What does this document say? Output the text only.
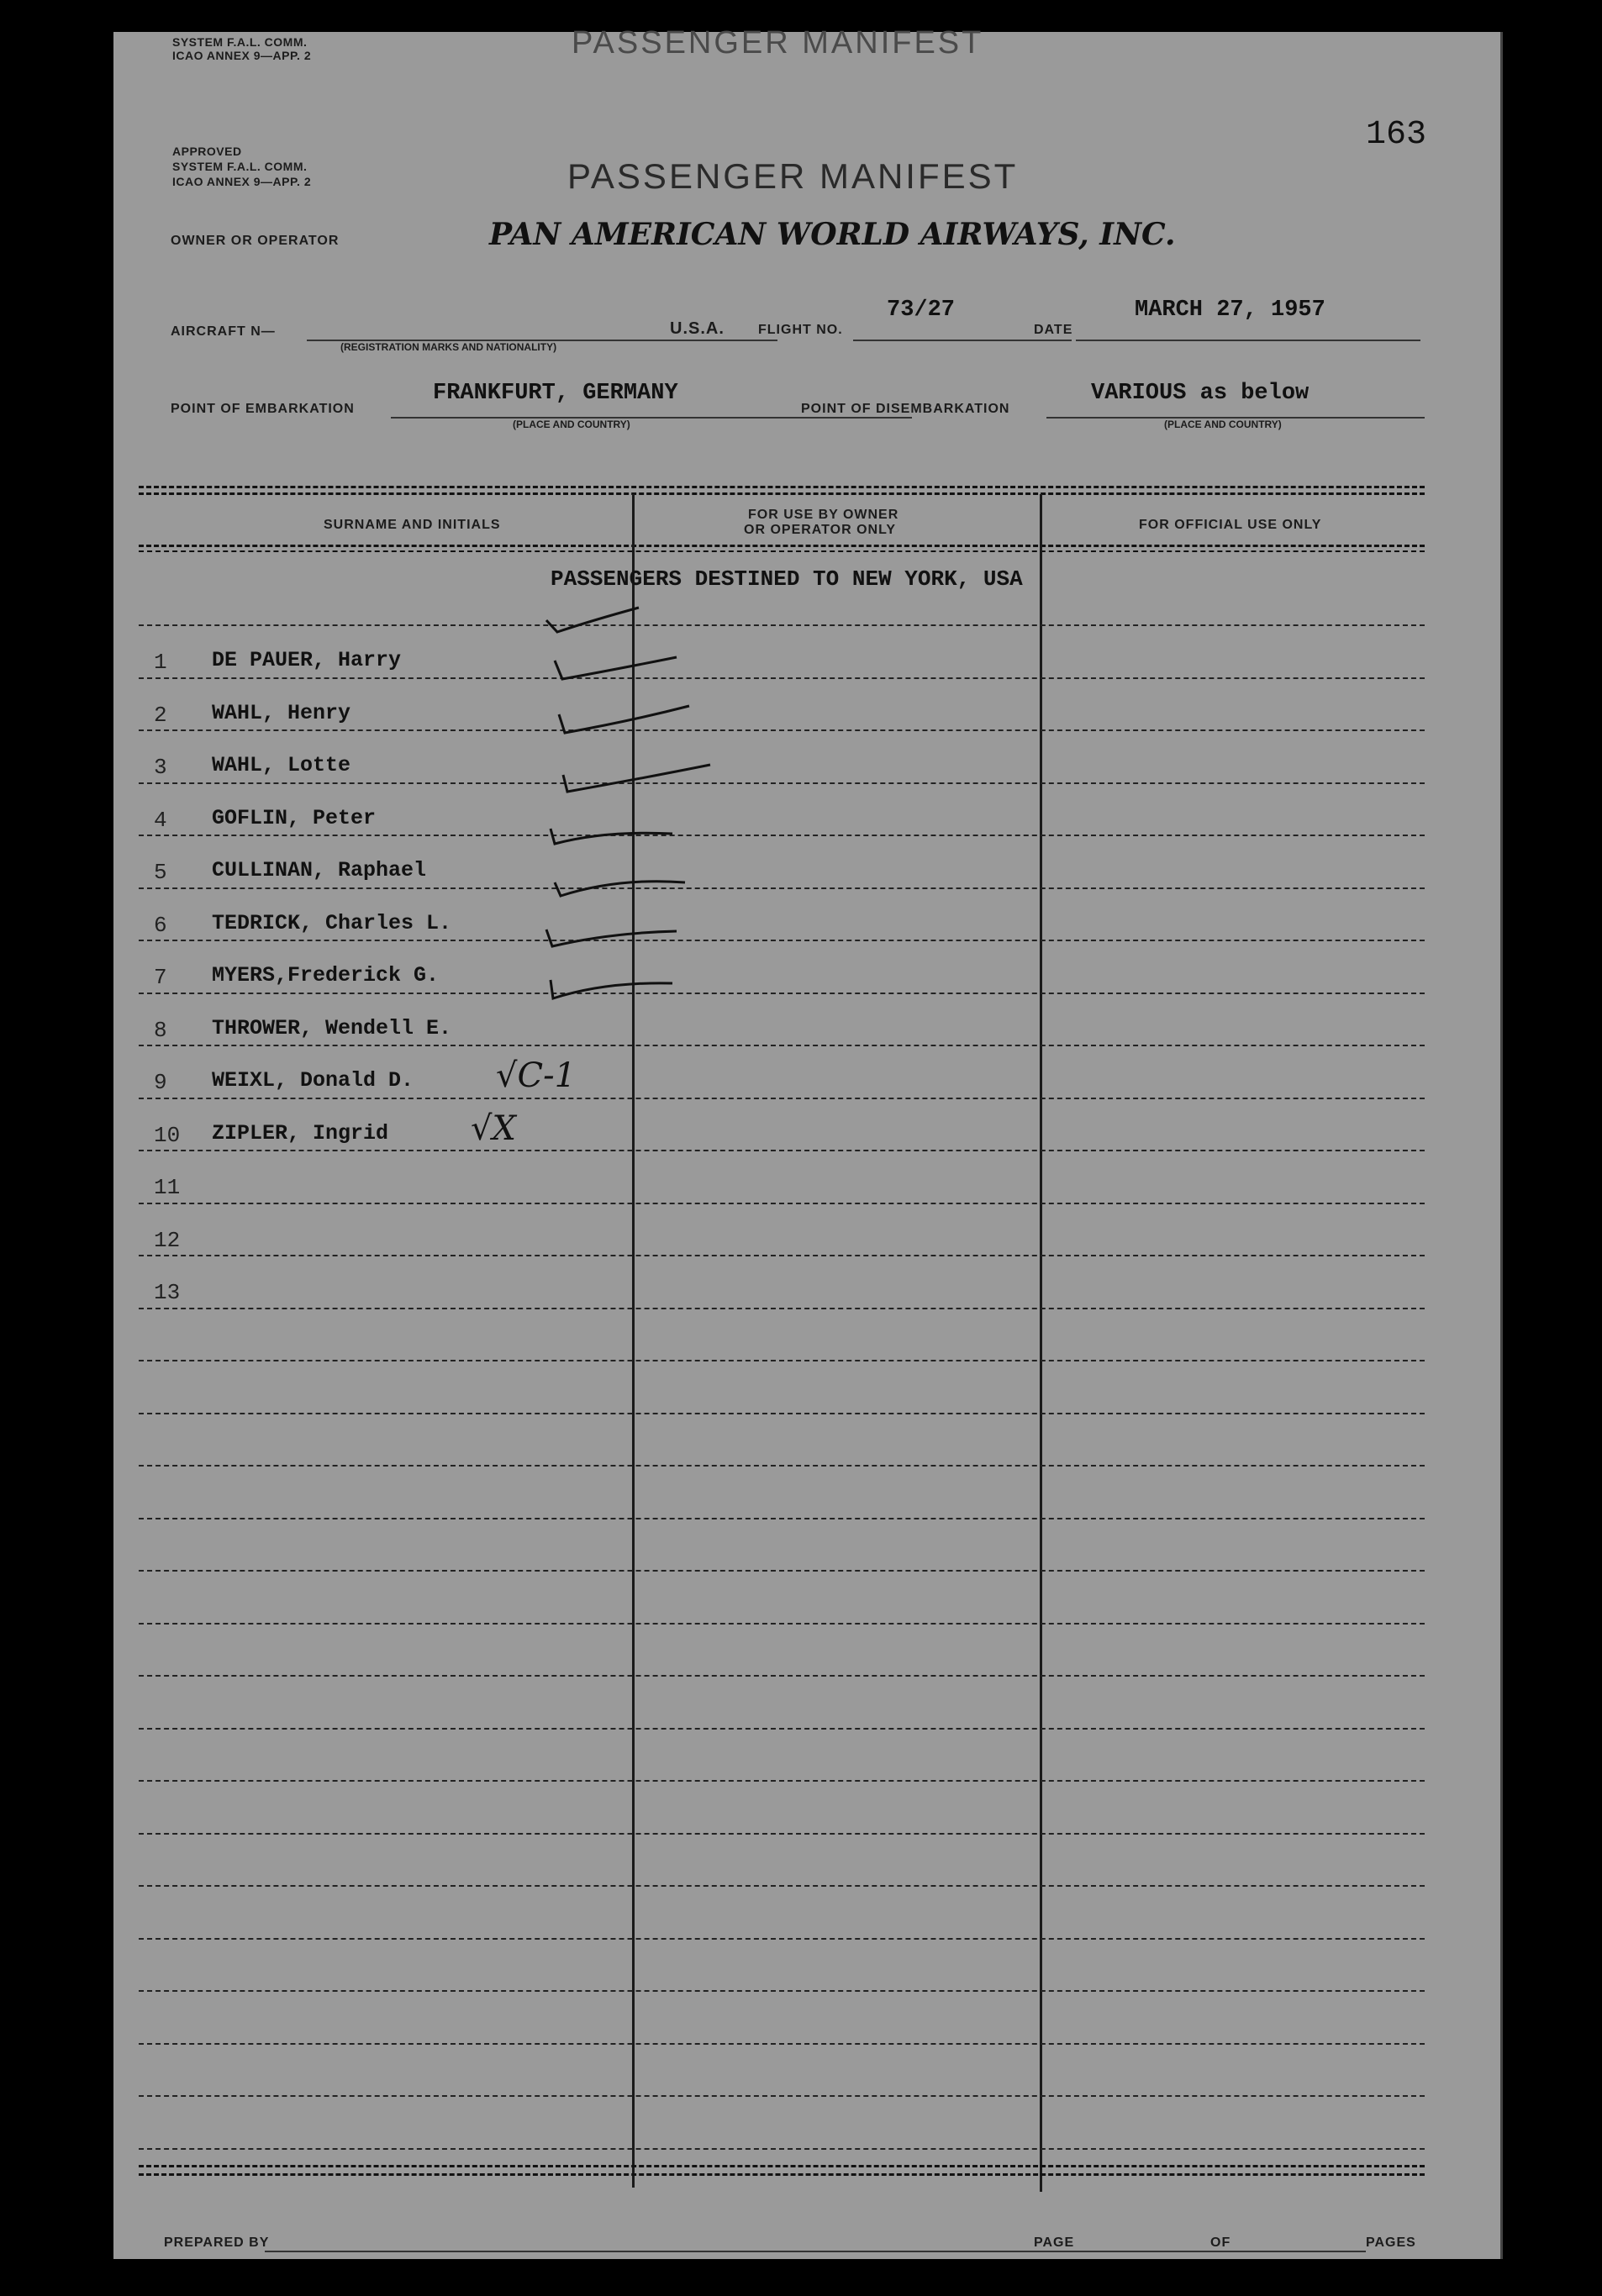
PASSENGER MANIFEST
SYSTEM F.A.L. COMM.
ICAO ANNEX 9—APP. 2
APPROVED
SYSTEM F.A.L. COMM.
ICAO ANNEX 9—APP. 2
163
PASSENGER MANIFEST
OWNER OR OPERATOR	PAN AMERICAN WORLD AIRWAYS, INC.
AIRCRAFT N—
(REGISTRATION MARKS AND NATIONALITY)
U.S.A.	FLIGHT NO.
73/27
DATE
MARCH 27, 1957
POINT OF EMBARKATION
FRANKFURT, GERMANY
(PLACE AND COUNTRY)
POINT OF DISEMBARKATION
VARIOUS as below
(PLACE AND COUNTRY)
SURNAME AND INITIALS
FOR USE BY OWNER
OR OPERATOR ONLY	FOR OFFICIAL USE ONLY
PASSENGERS DESTINED TO NEW YORK, USA
1 DE PAUER, Harry
2 WAHL, Henry
3 WAHL, Lotte
4 GOFLIN, Peter
5 CULLINAN, Raphael
6 TEDRICK, Charles L.
7 MYERS,Frederick G.
8 THROWER, Wendell E.
9 WEIXL, Donald D. √C-1
10 ZIPLER, Ingrid √X
11
12
13
PREPARED BY	PAGE	OF	PAGES
